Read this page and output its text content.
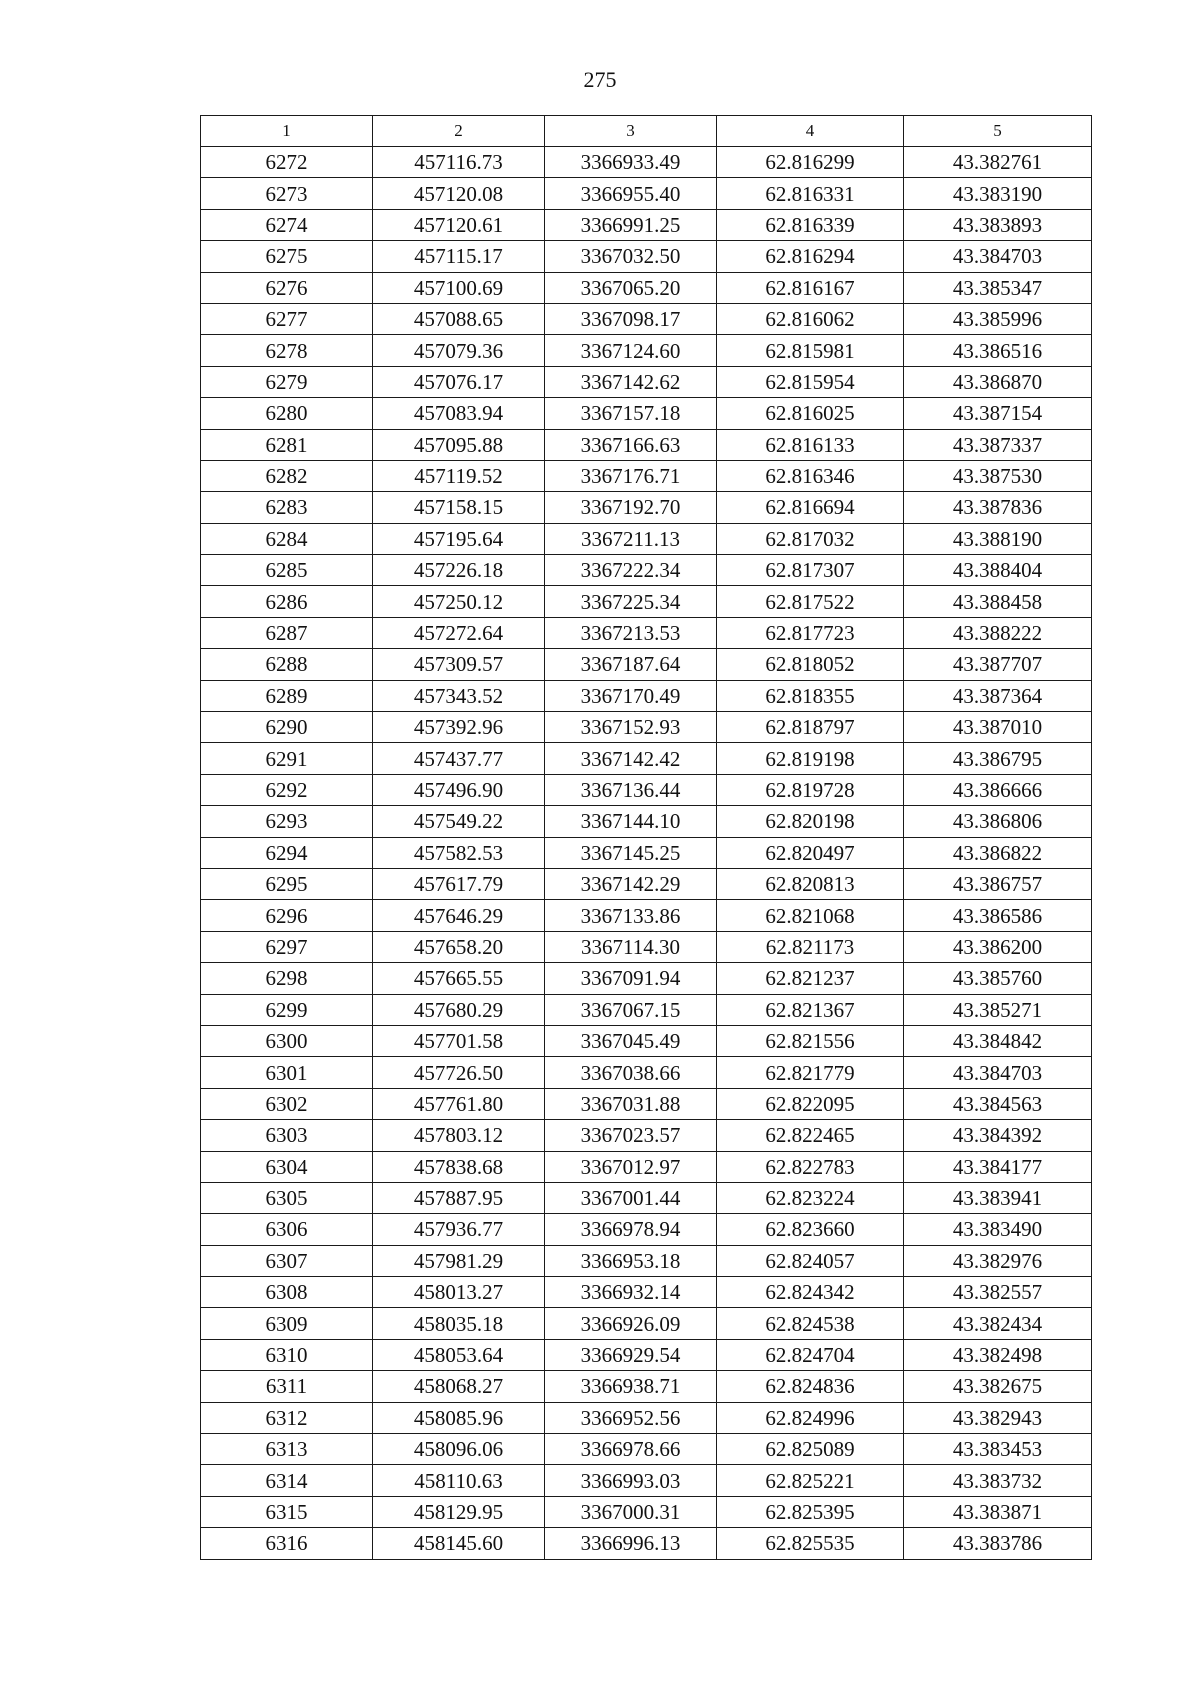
275
1	2	3	4	5
6272	457116.73	3366933.49	62.816299	43.382761
6273	457120.08	3366955.40	62.816331	43.383190
6274	457120.61	3366991.25	62.816339	43.383893
6275	457115.17	3367032.50	62.816294	43.384703
6276	457100.69	3367065.20	62.816167	43.385347
6277	457088.65	3367098.17	62.816062	43.385996
6278	457079.36	3367124.60	62.815981	43.386516
6279	457076.17	3367142.62	62.815954	43.386870
6280	457083.94	3367157.18	62.816025	43.387154
6281	457095.88	3367166.63	62.816133	43.387337
6282	457119.52	3367176.71	62.816346	43.387530
6283	457158.15	3367192.70	62.816694	43.387836
6284	457195.64	3367211.13	62.817032	43.388190
6285	457226.18	3367222.34	62.817307	43.388404
6286	457250.12	3367225.34	62.817522	43.388458
6287	457272.64	3367213.53	62.817723	43.388222
6288	457309.57	3367187.64	62.818052	43.387707
6289	457343.52	3367170.49	62.818355	43.387364
6290	457392.96	3367152.93	62.818797	43.387010
6291	457437.77	3367142.42	62.819198	43.386795
6292	457496.90	3367136.44	62.819728	43.386666
6293	457549.22	3367144.10	62.820198	43.386806
6294	457582.53	3367145.25	62.820497	43.386822
6295	457617.79	3367142.29	62.820813	43.386757
6296	457646.29	3367133.86	62.821068	43.386586
6297	457658.20	3367114.30	62.821173	43.386200
6298	457665.55	3367091.94	62.821237	43.385760
6299	457680.29	3367067.15	62.821367	43.385271
6300	457701.58	3367045.49	62.821556	43.384842
6301	457726.50	3367038.66	62.821779	43.384703
6302	457761.80	3367031.88	62.822095	43.384563
6303	457803.12	3367023.57	62.822465	43.384392
6304	457838.68	3367012.97	62.822783	43.384177
6305	457887.95	3367001.44	62.823224	43.383941
6306	457936.77	3366978.94	62.823660	43.383490
6307	457981.29	3366953.18	62.824057	43.382976
6308	458013.27	3366932.14	62.824342	43.382557
6309	458035.18	3366926.09	62.824538	43.382434
6310	458053.64	3366929.54	62.824704	43.382498
6311	458068.27	3366938.71	62.824836	43.382675
6312	458085.96	3366952.56	62.824996	43.382943
6313	458096.06	3366978.66	62.825089	43.383453
6314	458110.63	3366993.03	62.825221	43.383732
6315	458129.95	3367000.31	62.825395	43.383871
6316	458145.60	3366996.13	62.825535	43.383786
